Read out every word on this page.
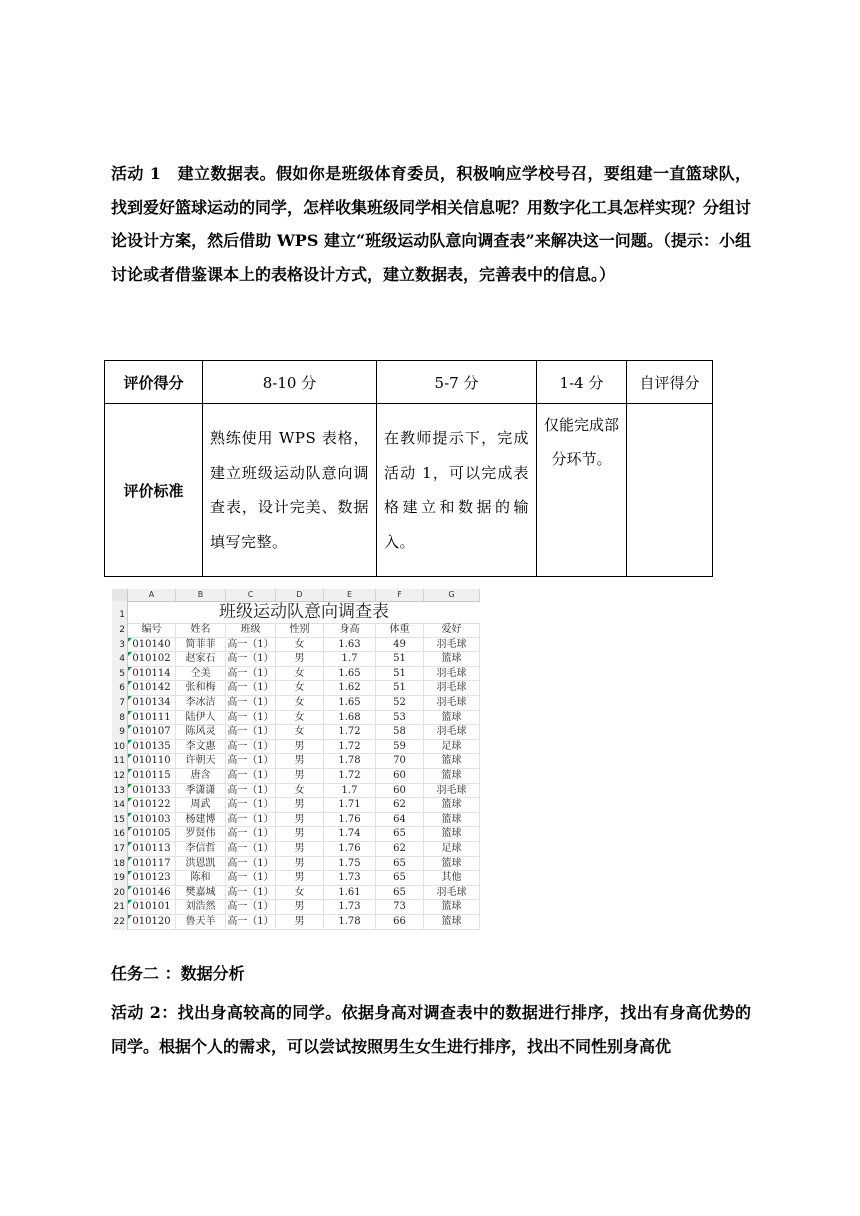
活动 1　建立数据表。假如你是班级体育委员，积极响应学校号召，要组建一直篮球队，找到爱好篮球运动的同学，怎样收集班级同学相关信息呢？用数字化工具怎样实现？分组讨论设计方案，然后借助 WPS 建立“班级运动队意向调查表”来解决这一问题。（提示：小组讨论或者借鉴课本上的表格设计方式，建立数据表，完善表中的信息。）

评价得分	8-10 分	5-7 分	1-4 分	自评得分
评价标准	熟练使用 WPS 表格，建立班级运动队意向调查表，设计完美、数据填写完整。	在教师提示下，完成活动 1，可以完成表格建立和数据的输入。	仅能完成部分环节。	
A	B	C	D	E	F	G
班级运动队意向调查表
1
2	编号	姓名	班级	性别	身高	体重	爱好
3 010140	简菲菲	高一（1）	女	1.63	49	羽毛球
4 010102	赵家石	高一（1）	男	1.7	51	篮球
5 010114	仝美	高一（1）	女	1.65	51	羽毛球
6 010142	张和梅	高一（1）	女	1.62	51	羽毛球
7 010134	李冰洁	高一（1）	女	1.65	52	羽毛球
8 010111	陆伊人	高一（1）	女	1.68	53	篮球
9 010107	陈风灵	高一（1）	女	1.72	58	羽毛球
10 010135	李文惠	高一（1）	男	1.72	59	足球
11 010110	许朝天	高一（1）	男	1.78	70	篮球
12 010115	唐含	高一（1）	男	1.72	60	篮球
13 010133	季潇潇	高一（1）	女	1.7	60	羽毛球
14 010122	周武	高一（1）	男	1.71	62	篮球
15 010103	杨建博	高一（1）	男	1.76	64	篮球
16 010105	罗贤伟	高一（1）	男	1.74	65	篮球
17 010113	李信哲	高一（1）	男	1.76	62	足球
18 010117	洪恩凯	高一（1）	男	1.75	65	篮球
19 010123	陈和	高一（1）	男	1.73	65	其他
20 010146	樊嘉城	高一（1）	女	1.61	65	羽毛球
21 010101	刘浩然	高一（1）	男	1.73	73	篮球
22 010120	鲁天羊	高一（1）	男	1.78	66	篮球

任务二 ：数据分析

活动 2：找出身高较高的同学。依据身高对调查表中的数据进行排序，找出有身高优势的同学。根据个人的需求，可以尝试按照男生女生进行排序，找出不同性别身高优
